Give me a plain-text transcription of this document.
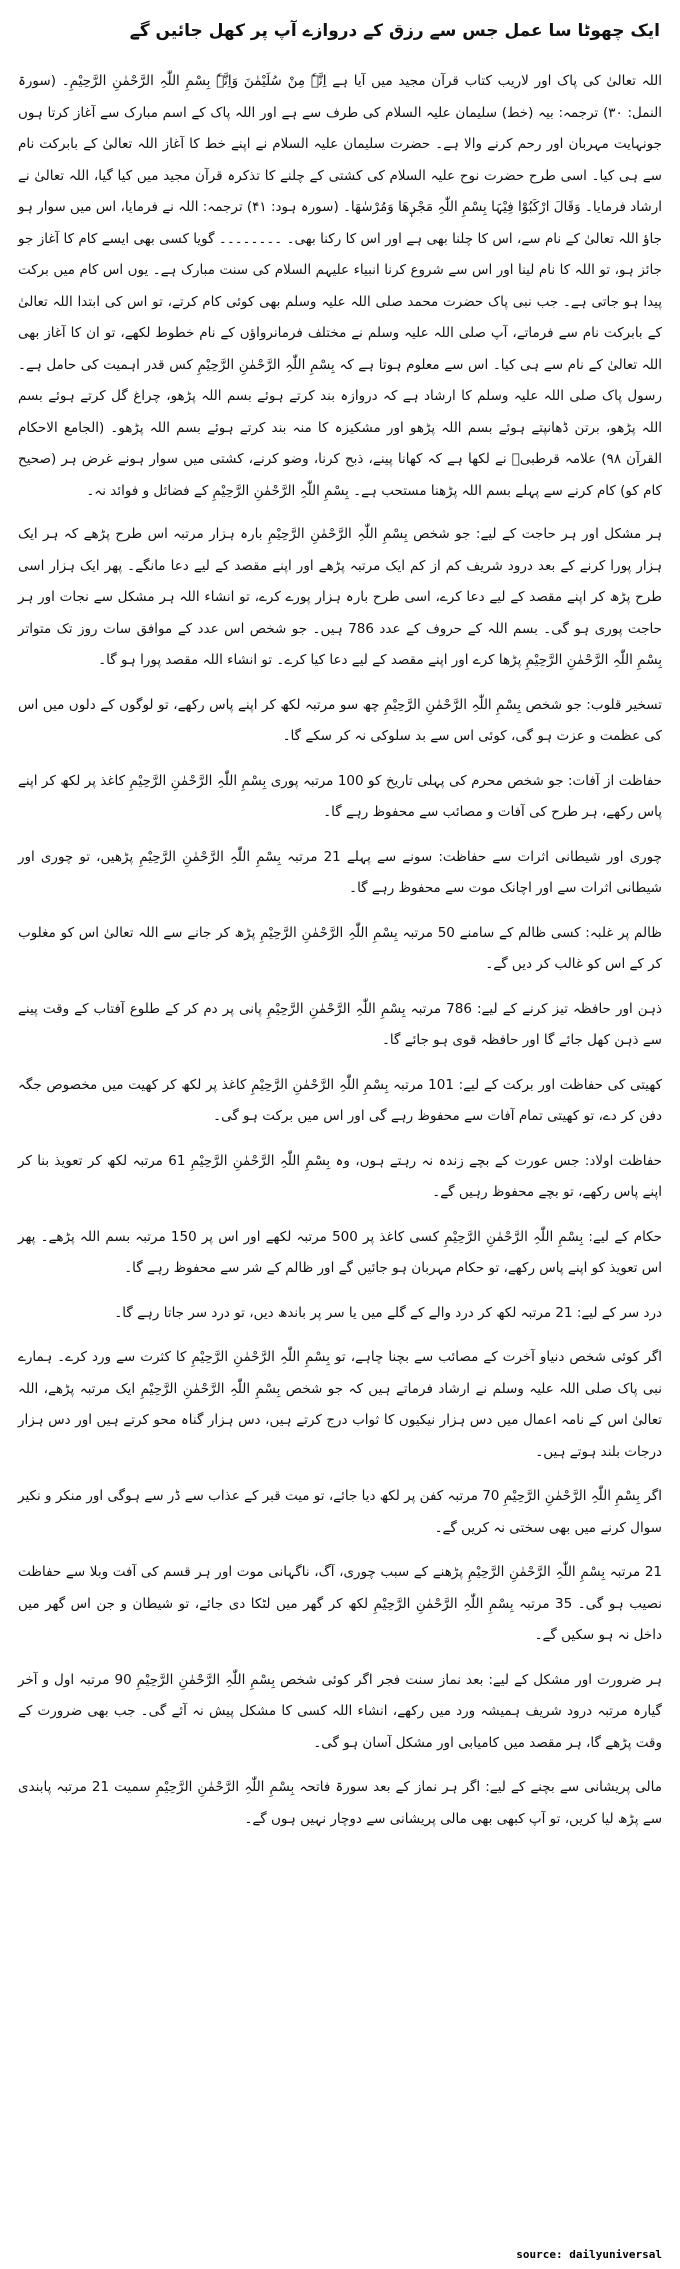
ایک چھوٹا سا عمل جس سے رزق کے دروازے آپ پر کھل جائیں گے

اللہ تعالیٰ کی پاک اور لاریب کتاب قرآن مجید میں آیا ہے اِنَّہٗ مِنْ سُلَیْمٰنَ وَاِنَّہٗ بِسْمِ اللّٰہِ الرَّحْمٰنِ الرَّحِیْمِ۔ (سورۃ النمل: ۳۰) ترجمہ: بیہ (خط) سلیمان علیہ السلام کی طرف سے ہے اور اللہ پاک کے اسم مبارک سے آغاز کرتا ہوں جونہایت مہربان اور رحم کرنے والا ہے۔ حضرت سلیمان علیہ السلام نے اپنے خط کا آغاز اللہ تعالیٰ کے بابرکت نام سے ہی کیا۔ اسی طرح حضرت نوح علیہ السلام کی کشتی کے چلنے کا تذکرہ قرآن مجید میں کیا گیا، اللہ تعالیٰ نے ارشاد فرمایا۔ وَقَالَ ارْکَبُوْا فِیْہَا بِسْمِ اللّٰہِ مَجْرٖھَا وَمُرْسٰھَا۔ (سورہ ہود: ۴۱) ترجمہ: اللہ نے فرمایا، اس میں سوار ہو جاؤ اللہ تعالیٰ کے نام سے، اس کا چلنا بھی ہے اور اس کا رکنا بھی۔ ۔۔۔۔۔۔۔۔ گویا کسی بھی ایسے کام کا آغاز جو جائز ہو، تو اللہ کا نام لینا اور اس سے شروع کرنا انبیاء علیہم السلام کی سنت مبارک ہے۔ یوں اس کام میں برکت پیدا ہو جاتی ہے۔ جب نبی پاک حضرت محمد صلی اللہ علیہ وسلم بھی کوئی کام کرتے، تو اس کی ابتدا اللہ تعالیٰ کے بابرکت نام سے فرماتے، آپ صلی اللہ علیہ وسلم نے مختلف فرمانرواؤں کے نام خطوط لکھے، تو ان کا آغاز بھی اللہ تعالیٰ کے نام سے ہی کیا۔ اس سے معلوم ہوتا ہے کہ بِسْمِ اللّٰہِ الرَّحْمٰنِ الرَّحِیْمِ کس قدر اہمیت کی حامل ہے۔ رسول پاک صلی اللہ علیہ وسلم کا ارشاد ہے کہ دروازہ بند کرتے ہوئے بسم اللہ پڑھو، چراغ گل کرتے ہوئے بسم اللہ پڑھو، برتن ڈھانپتے ہوئے بسم اللہ پڑھو اور مشکیزہ کا منہ بند کرتے ہوئے بسم اللہ پڑھو۔ (الجامع الاحکام القرآن ۹۸) علامہ قرطبیؒ نے لکھا ہے کہ کھانا پینے، ذبح کرنا، وضو کرنے، کشتی میں سوار ہونے غرض ہر (صحیح کام کو) کام کرنے سے پہلے بسم اللہ پڑھنا مستحب ہے۔ بِسْمِ اللّٰہِ الرَّحْمٰنِ الرَّحِیْمِ کے فضائل و فوائد نہ۔

ہر مشکل اور ہر حاجت کے لیے: جو شخص بِسْمِ اللّٰہِ الرَّحْمٰنِ الرَّحِیْمِ بارہ ہزار مرتبہ اس طرح پڑھے کہ ہر ایک ہزار پورا کرنے کے بعد درود شریف کم از کم ایک مرتبہ پڑھے اور اپنے مقصد کے لیے دعا مانگے۔ پھر ایک ہزار اسی طرح پڑھ کر اپنے مقصد کے لیے دعا کرے، اسی طرح بارہ ہزار پورے کرے، تو انشاء اللہ ہر مشکل سے نجات اور ہر حاجت پوری ہو گی۔ بسم اللہ کے حروف کے عدد 786 ہیں۔ جو شخص اس عدد کے موافق سات روز تک متواتر بِسْمِ اللّٰہِ الرَّحْمٰنِ الرَّحِیْمِ پڑھا کرے اور اپنے مقصد کے لیے دعا کیا کرے۔ تو انشاء اللہ مقصد پورا ہو گا۔

تسخیر قلوب: جو شخص بِسْمِ اللّٰہِ الرَّحْمٰنِ الرَّحِیْمِ چھ سو مرتبہ لکھ کر اپنے پاس رکھے، تو لوگوں کے دلوں میں اس کی عظمت و عزت ہو گی، کوئی اس سے بد سلوکی نہ کر سکے گا۔

حفاظت از آفات: جو شخص محرم کی پہلی تاریخ کو 100 مرتبہ پوری بِسْمِ اللّٰہِ الرَّحْمٰنِ الرَّحِیْمِ کاغذ پر لکھ کر اپنے پاس رکھے، ہر طرح کی آفات و مصائب سے محفوظ رہے گا۔

چوری اور شیطانی اثرات سے حفاظت: سونے سے پہلے 21 مرتبہ بِسْمِ اللّٰہِ الرَّحْمٰنِ الرَّحِیْمِ پڑھیں، تو چوری اور شیطانی اثرات سے اور اچانک موت سے محفوظ رہے گا۔

ظالم پر غلبہ: کسی ظالم کے سامنے 50 مرتبہ بِسْمِ اللّٰہِ الرَّحْمٰنِ الرَّحِیْمِ پڑھ کر جانے سے اللہ تعالیٰ اس کو مغلوب کر کے اس کو غالب کر دیں گے۔

ذہن اور حافظہ تیز کرنے کے لیے: 786 مرتبہ بِسْمِ اللّٰہِ الرَّحْمٰنِ الرَّحِیْمِ پانی پر دم کر کے طلوع آفتاب کے وقت پینے سے ذہن کھل جائے گا اور حافظہ قوی ہو جائے گا۔

کھیتی کی حفاظت اور برکت کے لیے: 101 مرتبہ بِسْمِ اللّٰہِ الرَّحْمٰنِ الرَّحِیْمِ کاغذ پر لکھ کر کھیت میں مخصوص جگہ دفن کر دے، تو کھیتی تمام آفات سے محفوظ رہے گی اور اس میں برکت ہو گی۔

حفاظت اولاد: جس عورت کے بچے زندہ نہ رہتے ہوں، وہ بِسْمِ اللّٰہِ الرَّحْمٰنِ الرَّحِیْمِ 61 مرتبہ لکھ کر تعویذ بنا کر اپنے پاس رکھے، تو بچے محفوظ رہیں گے۔

حکام کے لیے: بِسْمِ اللّٰہِ الرَّحْمٰنِ الرَّحِیْمِ کسی کاغذ پر 500 مرتبہ لکھے اور اس پر 150 مرتبہ بسم اللہ پڑھے۔ پھر اس تعویذ کو اپنے پاس رکھے، تو حکام مہربان ہو جائیں گے اور ظالم کے شر سے محفوظ رہے گا۔

درد سر کے لیے: 21 مرتبہ لکھ کر درد والے کے گلے میں یا سر پر باندھ دیں، تو درد سر جاتا رہے گا۔

اگر کوئی شخص دنیاو آخرت کے مصائب سے بچنا چاہے، تو بِسْمِ اللّٰہِ الرَّحْمٰنِ الرَّحِیْمِ کا کثرت سے ورد کرے۔ ہمارے نبی پاک صلی اللہ علیہ وسلم نے ارشاد فرماتے ہیں کہ جو شخص بِسْمِ اللّٰہِ الرَّحْمٰنِ الرَّحِیْمِ ایک مرتبہ پڑھے، اللہ تعالیٰ اس کے نامہ اعمال میں دس ہزار نیکیوں کا ثواب درج کرتے ہیں، دس ہزار گناہ محو کرتے ہیں اور دس ہزار درجات بلند ہوتے ہیں۔

اگر بِسْمِ اللّٰہِ الرَّحْمٰنِ الرَّحِیْمِ 70 مرتبہ کفن پر لکھ دیا جائے، تو میت قبر کے عذاب سے ڈر سے ہوگی اور منکر و نکیر سوال کرنے میں بھی سختی نہ کریں گے۔

21 مرتبہ بِسْمِ اللّٰہِ الرَّحْمٰنِ الرَّحِیْمِ پڑھنے کے سبب چوری، آگ، ناگہانی موت اور ہر قسم کی آفت وبلا سے حفاظت نصیب ہو گی۔ 35 مرتبہ بِسْمِ اللّٰہِ الرَّحْمٰنِ الرَّحِیْمِ لکھ کر گھر میں لٹکا دی جائے، تو شیطان و جن اس گھر میں داخل نہ ہو سکیں گے۔

ہر ضرورت اور مشکل کے لیے: بعد نماز سنت فجر اگر کوئی شخص بِسْمِ اللّٰہِ الرَّحْمٰنِ الرَّحِیْمِ 90 مرتبہ اول و آخر گیارہ مرتبہ درود شریف ہمیشہ ورد میں رکھے، انشاء اللہ کسی کا مشکل پیش نہ آئے گی۔ جب بھی ضرورت کے وقت پڑھے گا، ہر مقصد میں کامیابی اور مشکل آسان ہو گی۔

مالی پریشانی سے بچنے کے لیے: اگر ہر نماز کے بعد سورۃ فاتحہ بِسْمِ اللّٰہِ الرَّحْمٰنِ الرَّحِیْمِ سمیت 21 مرتبہ پابندی سے پڑھ لیا کریں، تو آپ کبھی بھی مالی پریشانی سے دوچار نہیں ہوں گے۔

source: dailyuniversal
